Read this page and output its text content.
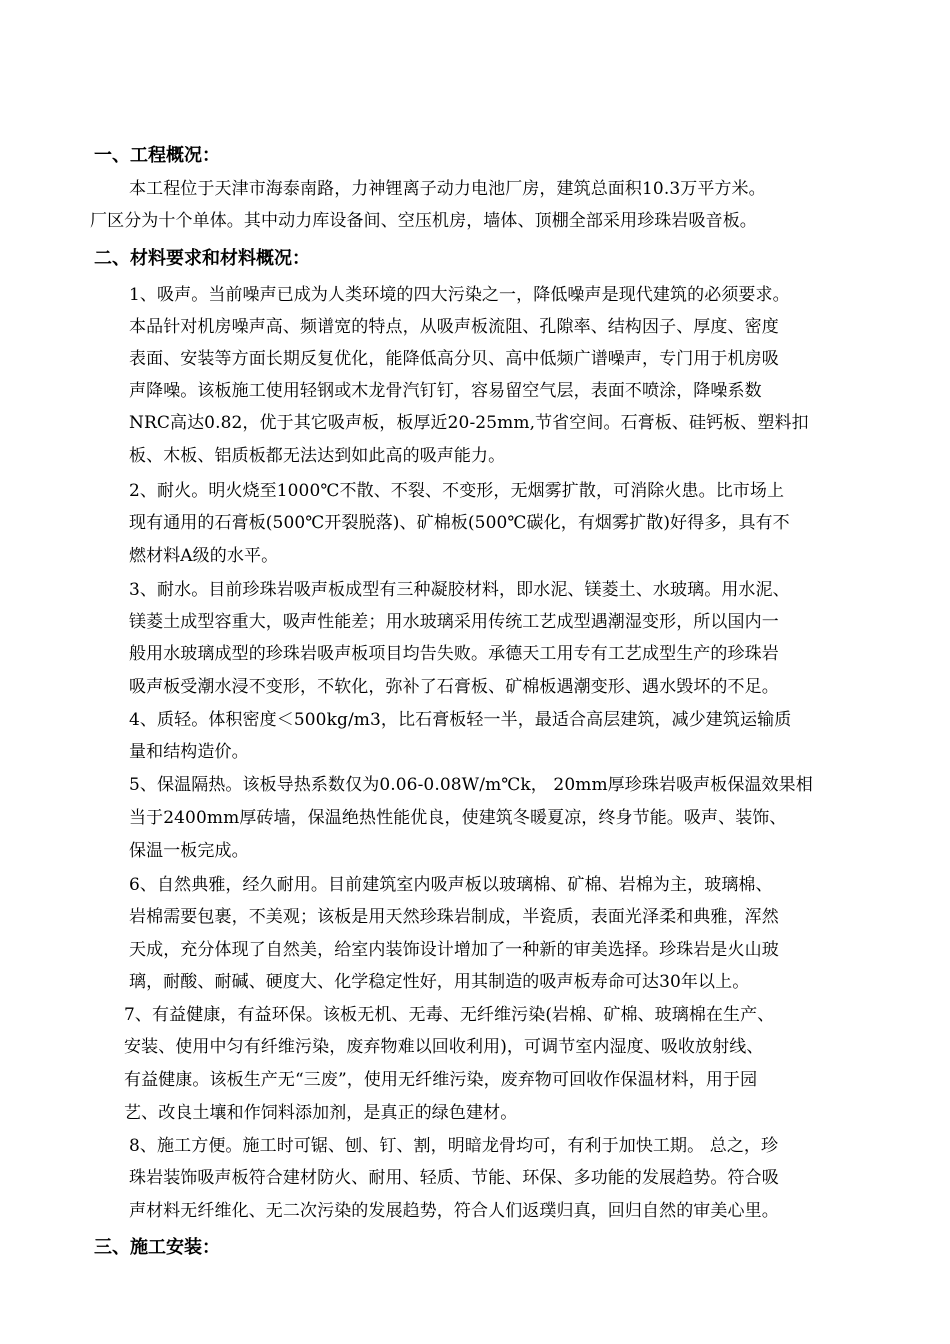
一、工程概况：
本工程位于天津市海泰南路，力神锂离子动力电池厂房，建筑总面积10.3万平方米。
厂区分为十个单体。其中动力库设备间、空压机房，墙体、顶棚全部采用珍珠岩吸音板。
二、材料要求和材料概况：
1、吸声。当前噪声已成为人类环境的四大污染之一，降低噪声是现代建筑的必须要求。
本品针对机房噪声高、频谱宽的特点，从吸声板流阻、孔隙率、结构因子、厚度、密度
表面、安装等方面长期反复优化，能降低高分贝、高中低频广谱噪声，专门用于机房吸
声降噪。该板施工使用轻钢或木龙骨汽钉钉，容易留空气层，表面不喷涂，降噪系数
NRC高达0.82，优于其它吸声板，板厚近20-25mm,节省空间。石膏板、硅钙板、塑料扣
板、木板、铝质板都无法达到如此高的吸声能力。
2、耐火。明火烧至1000℃不散、不裂、不变形，无烟雾扩散，可消除火患。比市场上
现有通用的石膏板(500℃开裂脱落)、矿棉板(500℃碳化，有烟雾扩散)好得多，具有不
燃材料A级的水平。
3、耐水。目前珍珠岩吸声板成型有三种凝胶材料，即水泥、镁菱土、水玻璃。用水泥、
镁菱土成型容重大，吸声性能差；用水玻璃采用传统工艺成型遇潮湿变形，所以国内一
般用水玻璃成型的珍珠岩吸声板项目均告失败。承德天工用专有工艺成型生产的珍珠岩
吸声板受潮水浸不变形，不软化，弥补了石膏板、矿棉板遇潮变形、遇水毁坏的不足。
4、质轻。体积密度＜500kg/m3，比石膏板轻一半，最适合高层建筑，减少建筑运输质
量和结构造价。
5、保温隔热。该板导热系数仅为0.06-0.08W/m℃k， 20mm厚珍珠岩吸声板保温效果相
当于2400mm厚砖墙，保温绝热性能优良，使建筑冬暖夏凉，终身节能。吸声、装饰、
保温一板完成。
6、自然典雅，经久耐用。目前建筑室内吸声板以玻璃棉、矿棉、岩棉为主，玻璃棉、
岩棉需要包裹，不美观；该板是用天然珍珠岩制成，半瓷质，表面光泽柔和典雅，浑然
天成，充分体现了自然美，给室内装饰设计增加了一种新的审美选择。珍珠岩是火山玻
璃，耐酸、耐碱、硬度大、化学稳定性好，用其制造的吸声板寿命可达30年以上。
7、有益健康，有益环保。该板无机、无毒、无纤维污染(岩棉、矿棉、玻璃棉在生产、
安装、使用中匀有纤维污染，废弃物难以回收利用)，可调节室内湿度、吸收放射线、
有益健康。该板生产无“三废”，使用无纤维污染，废弃物可回收作保温材料，用于园
艺、改良土壤和作饲料添加剂，是真正的绿色建材。
8、施工方便。施工时可锯、刨、钉、割，明暗龙骨均可，有利于加快工期。 总之，珍
珠岩装饰吸声板符合建材防火、耐用、轻质、节能、环保、多功能的发展趋势。符合吸
声材料无纤维化、无二次污染的发展趋势，符合人们返璞归真，回归自然的审美心里。
三、施工安装：
